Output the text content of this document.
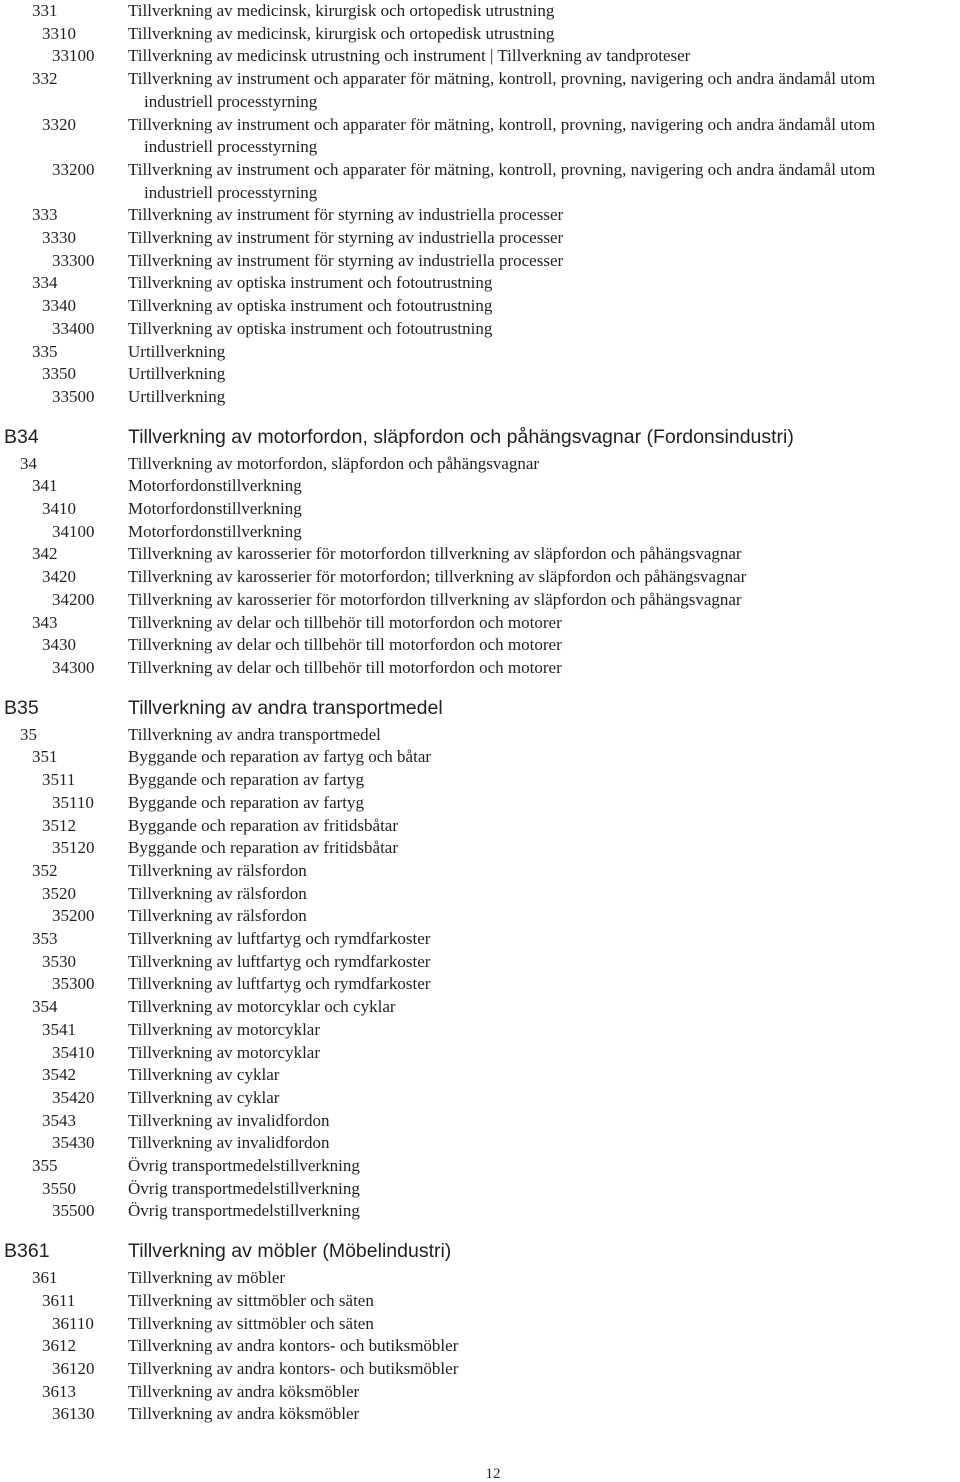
331	Tillverkning av medicinsk, kirurgisk och ortopedisk utrustning
3310	Tillverkning av medicinsk, kirurgisk och ortopedisk utrustning
33100 Tillverkning av medicinsk utrustning och instrument | Tillverkning av tandproteser
332	Tillverkning av instrument och apparater för mätning, kontroll, provning, navigering och andra ändamål utom
industriell processtyrning
3320	Tillverkning av instrument och apparater för mätning, kontroll, provning, navigering och andra ändamål utom
industriell processtyrning
33200 Tillverkning av instrument och apparater för mätning, kontroll, provning, navigering och andra ändamål utom
industriell processtyrning
333	Tillverkning av instrument för styrning av industriella processer
3330	Tillverkning av instrument för styrning av industriella processer
33300 Tillverkning av instrument för styrning av industriella processer
334	Tillverkning av optiska instrument och fotoutrustning
3340	Tillverkning av optiska instrument och fotoutrustning
33400 Tillverkning av optiska instrument och fotoutrustning
335	Urtillverkning
3350	Urtillverkning
33500 Urtillverkning
B34	Tillverkning av motorfordon, släpfordon och påhängsvagnar (Fordonsindustri)
34	Tillverkning av motorfordon, släpfordon och påhängsvagnar
341	Motorfordonstillverkning
3410	Motorfordonstillverkning
34100 Motorfordonstillverkning
342	Tillverkning av karosserier för motorfordon tillverkning av släpfordon och påhängsvagnar
3420	Tillverkning av karosserier för motorfordon; tillverkning av släpfordon och påhängsvagnar
34200 Tillverkning av karosserier för motorfordon tillverkning av släpfordon och påhängsvagnar
343	Tillverkning av delar och tillbehör till motorfordon och motorer
3430	Tillverkning av delar och tillbehör till motorfordon och motorer
34300 Tillverkning av delar och tillbehör till motorfordon och motorer
B35	Tillverkning av andra transportmedel
35	Tillverkning av andra transportmedel
351	Byggande och reparation av fartyg och båtar
3511	Byggande och reparation av fartyg
35110 Byggande och reparation av fartyg
3512	Byggande och reparation av fritidsbåtar
35120 Byggande och reparation av fritidsbåtar
352	Tillverkning av rälsfordon
3520	Tillverkning av rälsfordon
35200 Tillverkning av rälsfordon
353	Tillverkning av luftfartyg och rymdfarkoster
3530	Tillverkning av luftfartyg och rymdfarkoster
35300 Tillverkning av luftfartyg och rymdfarkoster
354	Tillverkning av motorcyklar och cyklar
3541	Tillverkning av motorcyklar
35410 Tillverkning av motorcyklar
3542	Tillverkning av cyklar
35420 Tillverkning av cyklar
3543	Tillverkning av invalidfordon
35430 Tillverkning av invalidfordon
355	Övrig transportmedelstillverkning
3550	Övrig transportmedelstillverkning
35500 Övrig transportmedelstillverkning
B361	Tillverkning av möbler (Möbelindustri)
361	Tillverkning av möbler
3611	Tillverkning av sittmöbler och säten
36110 Tillverkning av sittmöbler och säten
3612	Tillverkning av andra kontors- och butiksmöbler
36120 Tillverkning av andra kontors- och butiksmöbler
3613	Tillverkning av andra köksmöbler
36130 Tillverkning av andra köksmöbler
12
